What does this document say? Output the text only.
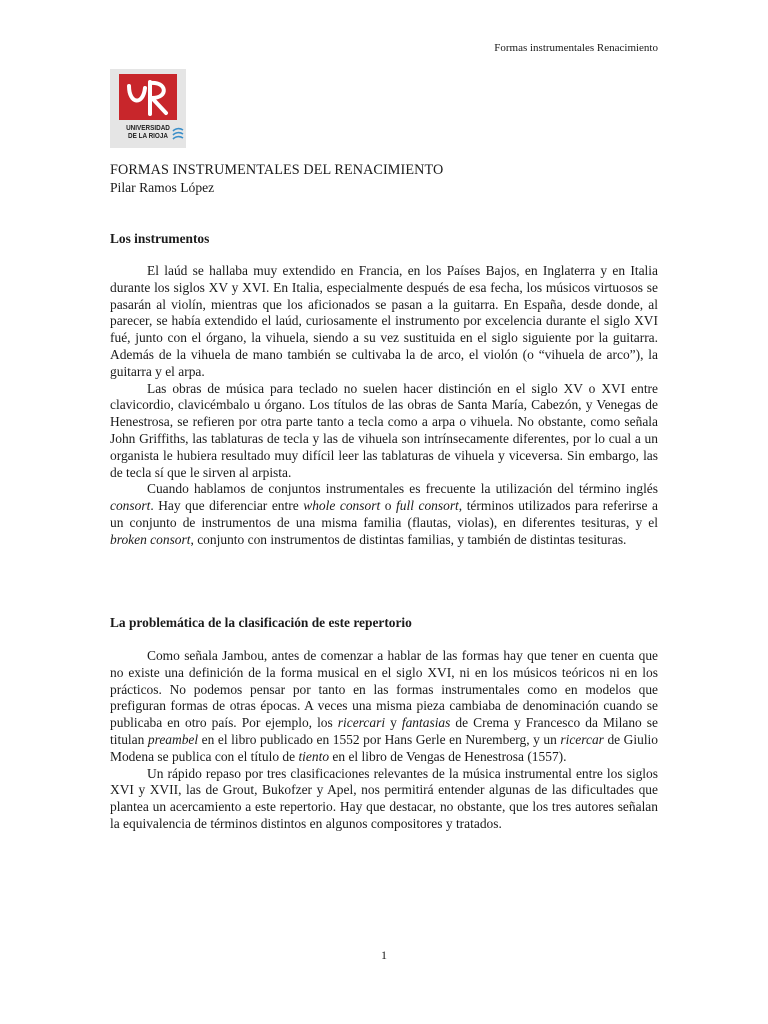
Formas instrumentales Renacimiento
UNIVERSIDAD
DE LA RIOJA
FORMAS INSTRUMENTALES DEL RENACIMIENTO
Pilar Ramos López
Los instrumentos

El laúd se hallaba muy extendido en Francia, en los Países Bajos, en Inglaterra y en Italia durante los siglos XV y XVI. En Italia, especialmente después de esa fecha, los músicos virtuosos se pasarán al violín, mientras que los aficionados se pasan a la guitarra. En España, desde donde, al parecer, se había extendido el laúd, curiosamente el instrumento por excelencia durante el siglo XVI fué, junto con el órgano, la vihuela, siendo a su vez sustituida en el siglo siguiente por la guitarra. Además de la vihuela de mano también se cultivaba la de arco, el violón (o “vihuela de arco”), la guitarra y el arpa.

Las obras de música para teclado no suelen hacer distinción en el siglo XV o XVI entre clavicordio, clavicémbalo u órgano. Los títulos de las obras de Santa María, Cabezón, y Venegas de Henestrosa, se refieren por otra parte tanto a tecla como a arpa o vihuela. No obstante, como señala John Griffiths, las tablaturas de tecla y las de vihuela son intrínsecamente diferentes, por lo cual a un organista le hubiera resultado muy difícil leer las tablaturas de vihuela y viceversa. Sin embargo, las de tecla sí que le sirven al arpista.

Cuando hablamos de conjuntos instrumentales es frecuente la utilización del término inglés consort. Hay que diferenciar entre whole consort o full consort, términos utilizados para referirse a un conjunto de instrumentos de una misma familia (flautas, violas), en diferentes tesituras, y el broken consort, conjunto con instrumentos de distintas familias, y también de distintas tesituras.

La problemática de la clasificación de este repertorio

Como señala Jambou, antes de comenzar a hablar de las formas hay que tener en cuenta que no existe una definición de la forma musical en el siglo XVI, ni en los músicos teóricos ni en los prácticos. No podemos pensar por tanto en las formas instrumentales como en modelos que prefiguran formas de otras épocas. A veces una misma pieza cambiaba de denominación cuando se publicaba en otro país. Por ejemplo, los ricercari y fantasias de Crema y Francesco da Milano se titulan preambel en el libro publicado en 1552 por Hans Gerle en Nuremberg, y un ricercar de Giulio Modena se publica con el título de tiento en el libro de Vengas de Henestrosa (1557).

Un rápido repaso por tres clasificaciones relevantes de la música instrumental entre los siglos XVI y XVII, las de Grout, Bukofzer y Apel, nos permitirá entender algunas de las dificultades que plantea un acercamiento a este repertorio. Hay que destacar, no obstante, que los tres autores señalan la equivalencia de términos distintos en algunos compositores y tratados.

1
